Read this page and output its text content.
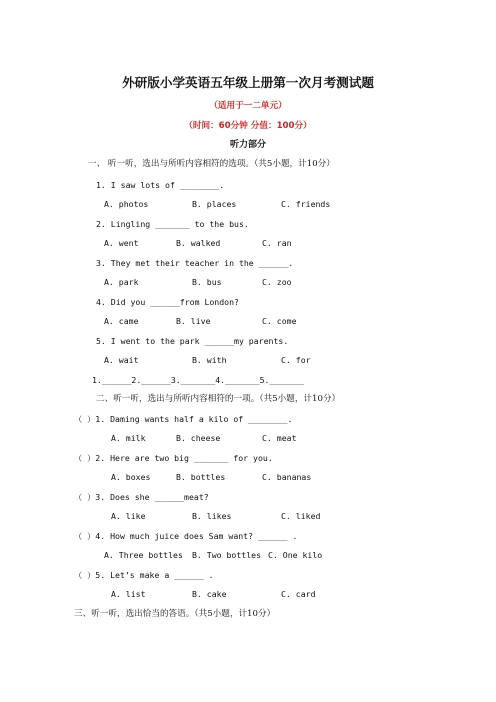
外研版小学英语五年级上册第一次月考测试题
（适用于一二单元）
（时间：60分钟 分值：100分）
听力部分
一、 听一听，选出与所听内容相符的选项。（共5小题，计10分）
1. I saw lots of ________.
A. photos	B. places	C. friends
2. Lingling _______ to the bus.
A. went	B. walked	C. ran
3. They met their teacher in the ______.
A. park	B. bus	C. zoo
4. Did you ______from London?
A. came	B. live	C. come
5. I went to the park ______my parents.
A. wait	B. with	C. for
1.______2.______3._______4._______5._______
二、听一听，选出与所听内容相符的一项。（共5小题，计10分）
（ ）1. Daming wants half a kilo of ________.
A. milk	B. cheese	C. meat
（ ）2. Here are two big _______ for you.
A. boxes	B. bottles	C. bananas
（ ）3. Does she ______meat?
A. like	B. likes	C. liked
（ ）4. How much juice does Sam want? ______ .
A. Three bottles B. Two bottles C. One kilo
（ ）5. Let’s make a ______ .
A. list	B. cake	C. card
三、听一听，选出恰当的答语。（共5小题，计10分）
